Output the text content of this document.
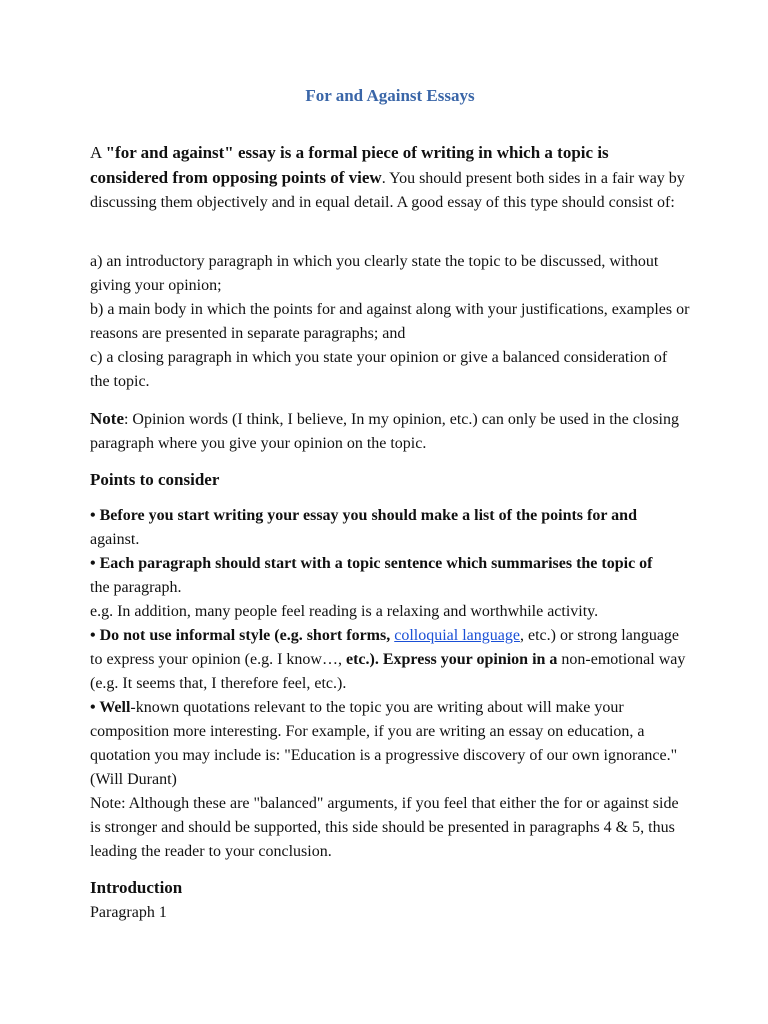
For and Against Essays

A "for and against" essay is a formal piece of writing in which a topic is considered from opposing points of view. You should present both sides in a fair way by discussing them objectively and in equal detail. A good essay of this type should consist of:

a) an introductory paragraph in which you clearly state the topic to be discussed, without giving your opinion;
b) a main body in which the points for and against along with your justifications, examples or reasons are presented in separate paragraphs; and
c) a closing paragraph in which you state your opinion or give a balanced consideration of the topic.

Note: Opinion words (I think, I believe, In my opinion, etc.) can only be used in the closing paragraph where you give your opinion on the topic.

Points to consider

• Before you start writing your essay you should make a list of the points for and
against.
• Each paragraph should start with a topic sentence which summarises the topic of
the paragraph.
e.g. In addition, many people feel reading is a relaxing and worthwhile activity.
• Do not use informal style (e.g. short forms, colloquial language, etc.) or strong language to express your opinion (e.g. I know…, etc.). Express your opinion in a non-emotional way (e.g. It seems that, I therefore feel, etc.).
• Well-known quotations relevant to the topic you are writing about will make your composition more interesting. For example, if you are writing an essay on education, a quotation you may include is: "Education is a progressive discovery of our own ignorance." (Will Durant)
Note: Although these are "balanced" arguments, if you feel that either the for or against side is stronger and should be supported, this side should be presented in paragraphs 4 & 5, thus leading the reader to your conclusion.

Introduction

Paragraph 1
